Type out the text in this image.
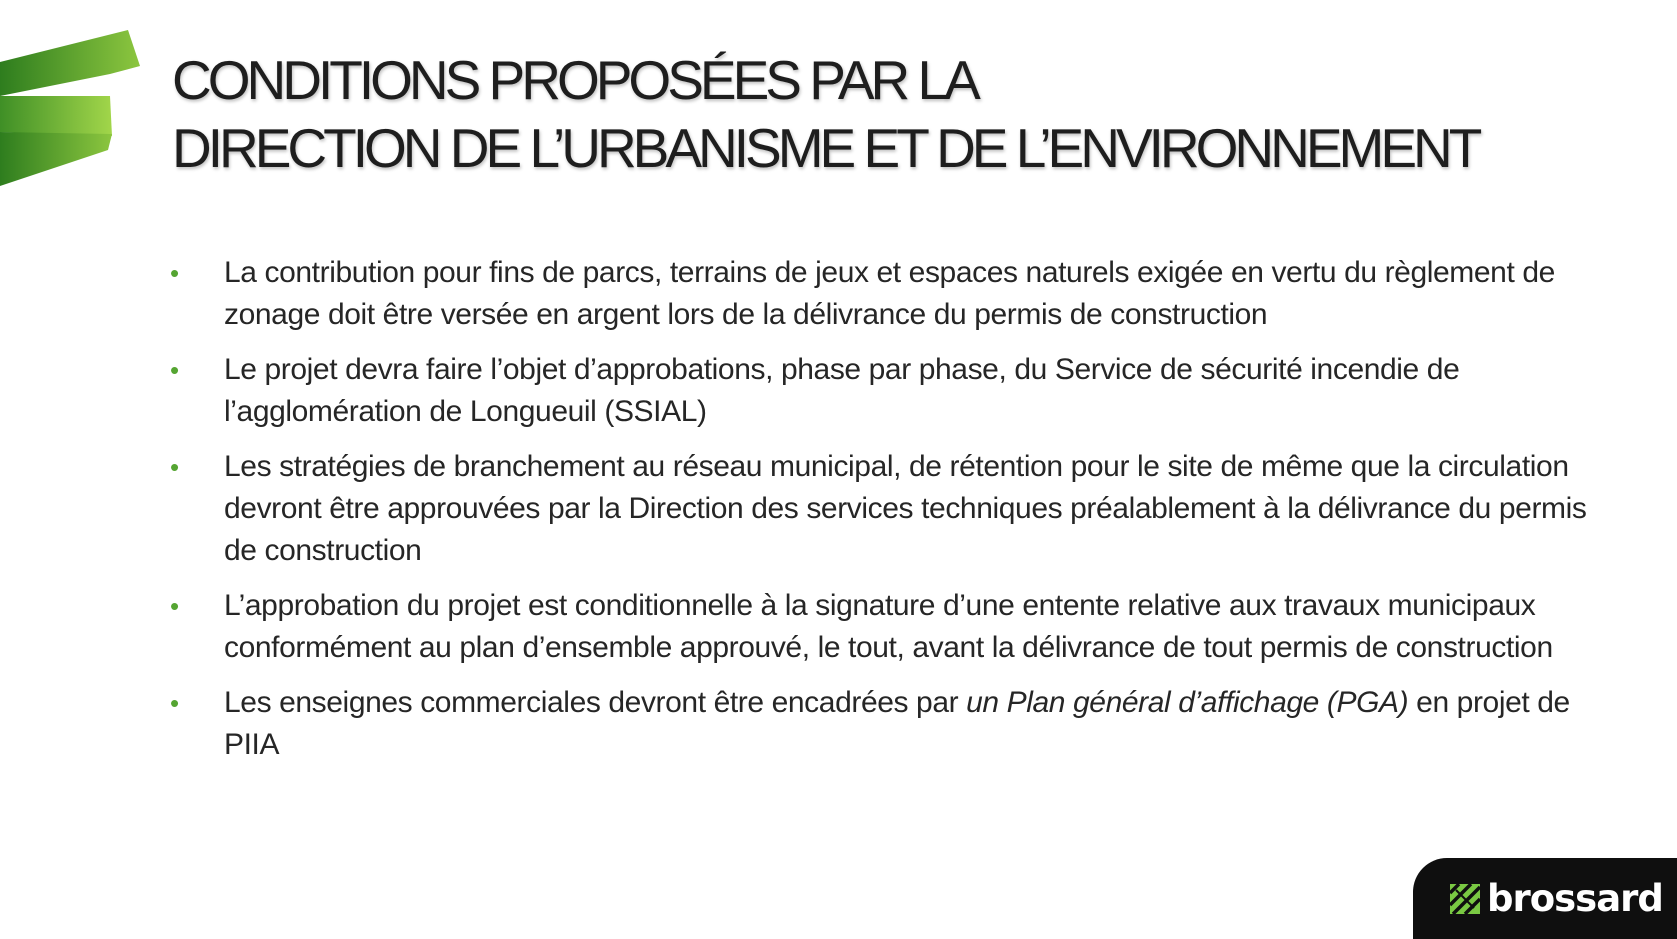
CONDITIONS PROPOSÉES PAR LA
DIRECTION DE L’URBANISME ET DE L’ENVIRONNEMENT
• La contribution pour fins de parcs, terrains de jeux et espaces naturels exigée en vertu du règlement de zonage doit être versée en argent lors de la délivrance du permis de construction
• Le projet devra faire l’objet d’approbations, phase par phase, du Service de sécurité incendie de l’agglomération de Longueuil (SSIAL)
• Les stratégies de branchement au réseau municipal, de rétention pour le site de même que la circulation devront être approuvées par la Direction des services techniques préalablement à la délivrance du permis de construction
• L’approbation du projet est conditionnelle à la signature d’une entente relative aux travaux municipaux conformément au plan d’ensemble approuvé, le tout, avant la délivrance de tout permis de construction
• Les enseignes commerciales devront être encadrées par un Plan général d’affichage (PGA) en projet de PIIA
brossard
